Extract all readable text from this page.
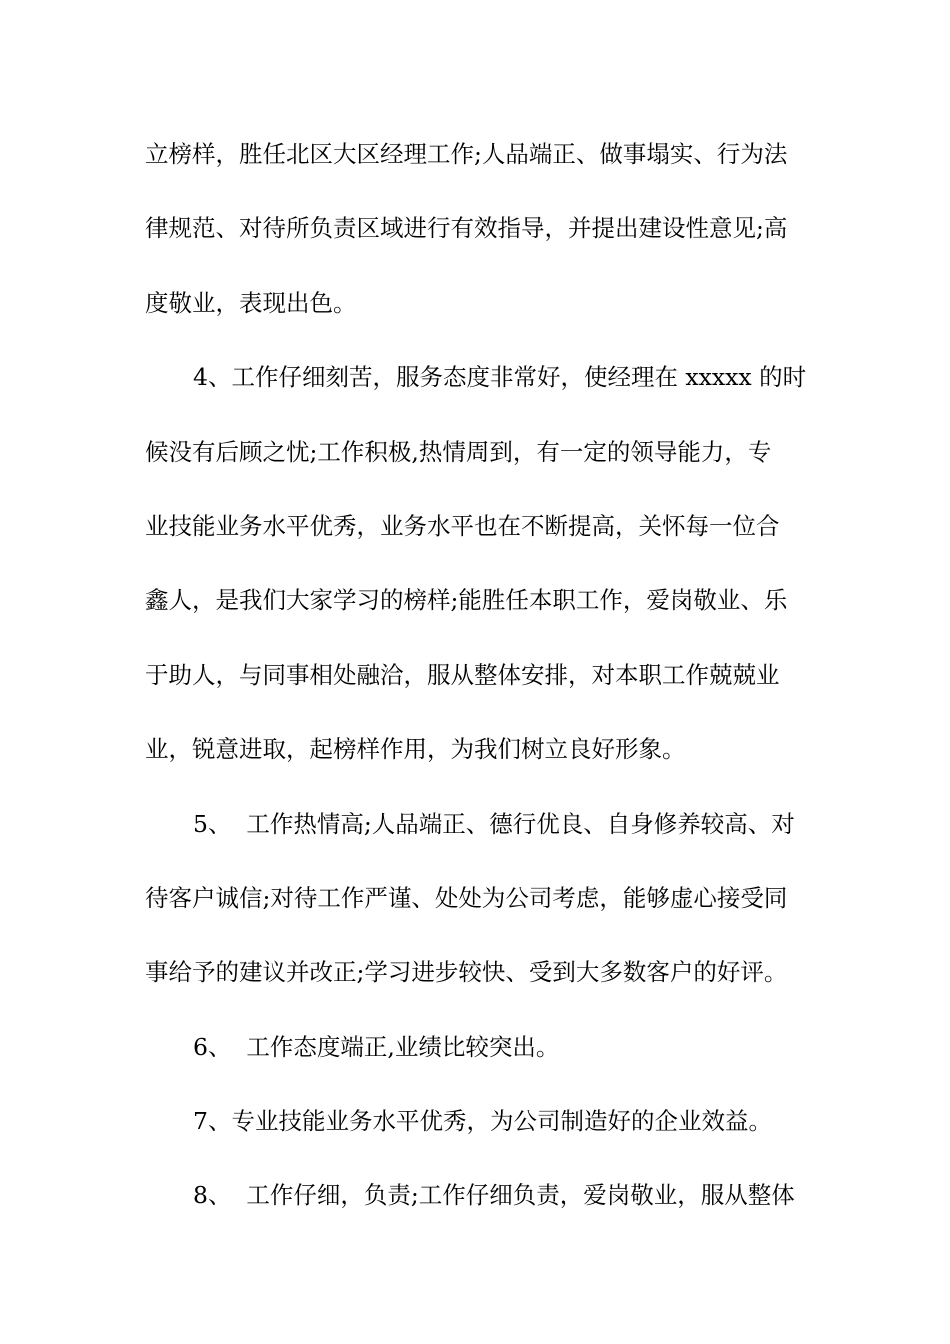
立榜样，胜任北区大区经理工作;人品端正、做事塌实、行为法
律规范、对待所负责区域进行有效指导，并提出建设性意见;高
度敬业，表现出色。
4、工作仔细刻苦，服务态度非常好，使经理在 xxxxx 的时
候没有后顾之忧;工作积极,热情周到，有一定的领导能力，专
业技能业务水平优秀，业务水平也在不断提高，关怀每一位合
鑫人，是我们大家学习的榜样;能胜任本职工作，爱岗敬业、乐
于助人，与同事相处融洽，服从整体安排，对本职工作兢兢业
业，锐意进取，起榜样作用，为我们树立良好形象。
5、  工作热情高;人品端正、德行优良、自身修养较高、对
待客户诚信;对待工作严谨、处处为公司考虑，能够虚心接受同
事给予的建议并改正;学习进步较快、受到大多数客户的好评。
6、  工作态度端正,业绩比较突出。
7、专业技能业务水平优秀，为公司制造好的企业效益。
8、  工作仔细，负责;工作仔细负责，爱岗敬业，服从整体
